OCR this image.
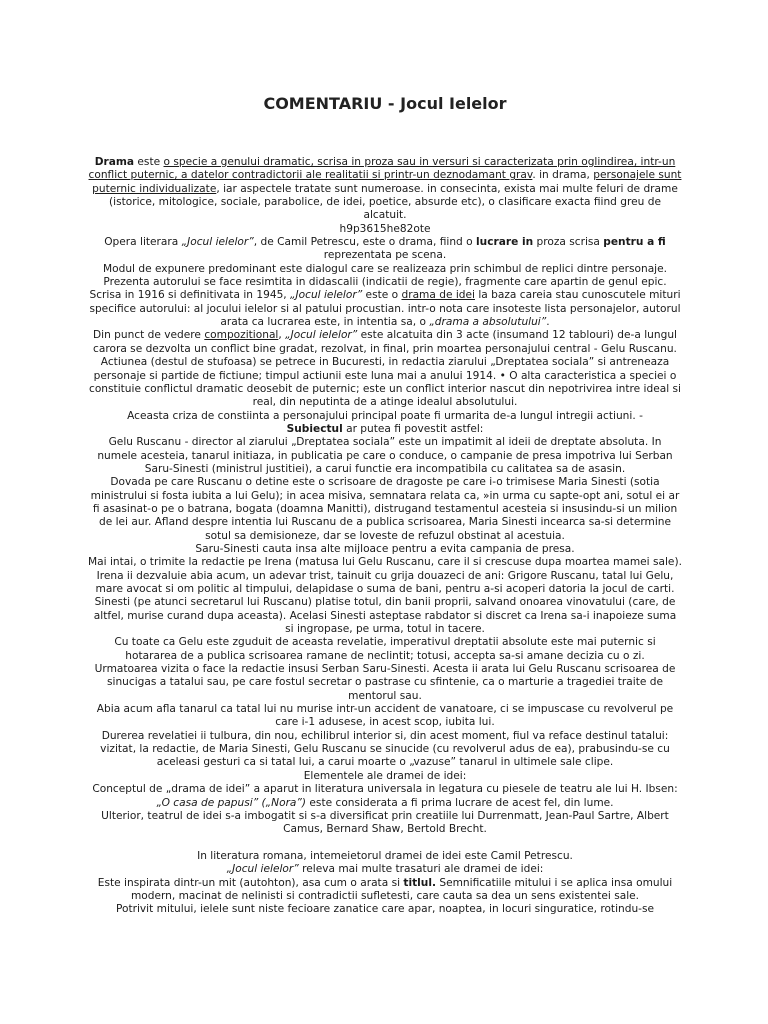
COMENTARIU - Jocul Ielelor

Drama este o specie a genului dramatic, scrisa in proza sau in versuri si caracterizata prin oglindirea, intr-un conflict puternic, a datelor contradictorii ale realitatii si printr-un deznodamant grav. in drama, personajele sunt puternic individualizate, iar aspectele tratate sunt numeroase. in consecinta, exista mai multe feluri de drame (istorice, mitologice, sociale, parabolice, de idei, poetice, absurde etc), o clasificare exacta fiind greu de alcatuit.

h9p3615he82ote

Opera literara „Jocul ielelor”, de Camil Petrescu, este o drama, fiind o lucrare in proza scrisa pentru a fi reprezentata pe scena.

Modul de expunere predominant este dialogul care se realizeaza prin schimbul de replici dintre personaje.

Prezenta autorului se face resimtita in didascalii (indicatii de regie), fragmente care apartin de genul epic.

Scrisa in 1916 si definitivata in 1945, „Jocul ielelor” este o drama de idei la baza careia stau cunoscutele mituri specifice autorului: al jocului ielelor si al patului procustian. intr-o nota care insoteste lista personajelor, autorul arata ca lucrarea este, in intentia sa, o „drama a absolutului”.

Din punct de vedere compozitional, „Jocul ielelor” este alcatuita din 3 acte (insumand 12 tablouri) de-a lungul carora se dezvolta un conflict bine gradat, rezolvat, in final, prin moartea personajului central - Gelu Ruscanu.

Actiunea (destul de stufoasa) se petrece in Bucuresti, in redactia ziarului „Dreptatea sociala” si antreneaza personaje si partide de fictiune; timpul actiunii este luna mai a anului 1914. • O alta caracteristica a speciei o constituie conflictul dramatic deosebit de puternic; este un conflict interior nascut din nepotrivirea intre ideal si real, din neputinta de a atinge idealul absolutului.

Aceasta criza de constiinta a personajului principal poate fi urmarita de-a lungul intregii actiuni. -

Subiectul ar putea fi povestit astfel:

Gelu Ruscanu - director al ziarului „Dreptatea sociala” este un impatimit al ideii de dreptate absoluta. In numele acesteia, tanarul initiaza, in publicatia pe care o conduce, o campanie de presa impotriva lui Serban Saru-Sinesti (ministrul justitiei), a carui functie era incompatibila cu calitatea sa de asasin.

Dovada pe care Ruscanu o detine este o scrisoare de dragoste pe care i-o trimisese Maria Sinesti (sotia ministrului si fosta iubita a lui Gelu); in acea misiva, semnatara relata ca, »in urma cu sapte-opt ani, sotul ei ar fi asasinat-o pe o batrana, bogata (doamna Manitti), distrugand testamentul acesteia si insusindu-si un milion de lei aur. Afland despre intentia lui Ruscanu de a publica scrisoarea, Maria Sinesti incearca sa-si determine sotul sa demisioneze, dar se loveste de refuzul obstinat al acestuia.

Saru-Sinesti cauta insa alte mijloace pentru a evita campania de presa.

Mai intai, o trimite la redactie pe Irena (matusa lui Gelu Ruscanu, care il si crescuse dupa moartea mamei sale).

Irena ii dezvaluie abia acum, un adevar trist, tainuit cu grija douazeci de ani: Grigore Ruscanu, tatal lui Gelu, mare avocat si om politic al timpului, delapidase o suma de bani, pentru a-si acoperi datoria la jocul de carti.

Sinesti (pe atunci secretarul lui Ruscanu) platise totul, din banii proprii, salvand onoarea vinovatului (care, de altfel, murise curand dupa aceasta). Acelasi Sinesti asteptase rabdator si discret ca Irena sa-i inapoieze suma si ingropase, pe urma, totul in tacere.

Cu toate ca Gelu este zguduit de aceasta revelatie, imperativul dreptatii absolute este mai puternic si hotararea de a publica scrisoarea ramane de neclintit; totusi, accepta sa-si amane decizia cu o zi.

Urmatoarea vizita o face la redactie insusi Serban Saru-Sinesti. Acesta ii arata lui Gelu Ruscanu scrisoarea de sinucigas a tatalui sau, pe care fostul secretar o pastrase cu sfintenie, ca o marturie a tragediei traite de mentorul sau.

Abia acum afla tanarul ca tatal lui nu murise intr-un accident de vanatoare, ci se impuscase cu revolverul pe care i-1 adusese, in acest scop, iubita lui.

Durerea revelatiei ii tulbura, din nou, echilibrul interior si, din acest moment, fiul va reface destinul tatalui: vizitat, la redactie, de Maria Sinesti, Gelu Ruscanu se sinucide (cu revolverul adus de ea), prabusindu-se cu aceleasi gesturi ca si tatal lui, a carui moarte o „vazuse” tanarul in ultimele sale clipe.

Elementele ale dramei de idei:

Conceptul de „drama de idei” a aparut in literatura universala in legatura cu piesele de teatru ale lui H. Ibsen: „O casa de papusi” („Nora”) este considerata a fi prima lucrare de acest fel, din lume.

Ulterior, teatrul de idei s-a imbogatit si s-a diversificat prin creatiile lui Durrenmatt, Jean-Paul Sartre, Albert Camus, Bernard Shaw, Bertold Brecht.

In literatura romana, intemeietorul dramei de idei este Camil Petrescu.

„Jocul ielelor” releva mai multe trasaturi ale dramei de idei:

Este inspirata dintr-un mit (autohton), asa cum o arata si titlul. Semnificatiile mitului i se aplica insa omului modern, macinat de nelinisti si contradictii sufletesti, care cauta sa dea un sens existentei sale.

Potrivit mitului, ielele sunt niste fecioare zanatice care apar, noaptea, in locuri singuratice, rotindu-se
